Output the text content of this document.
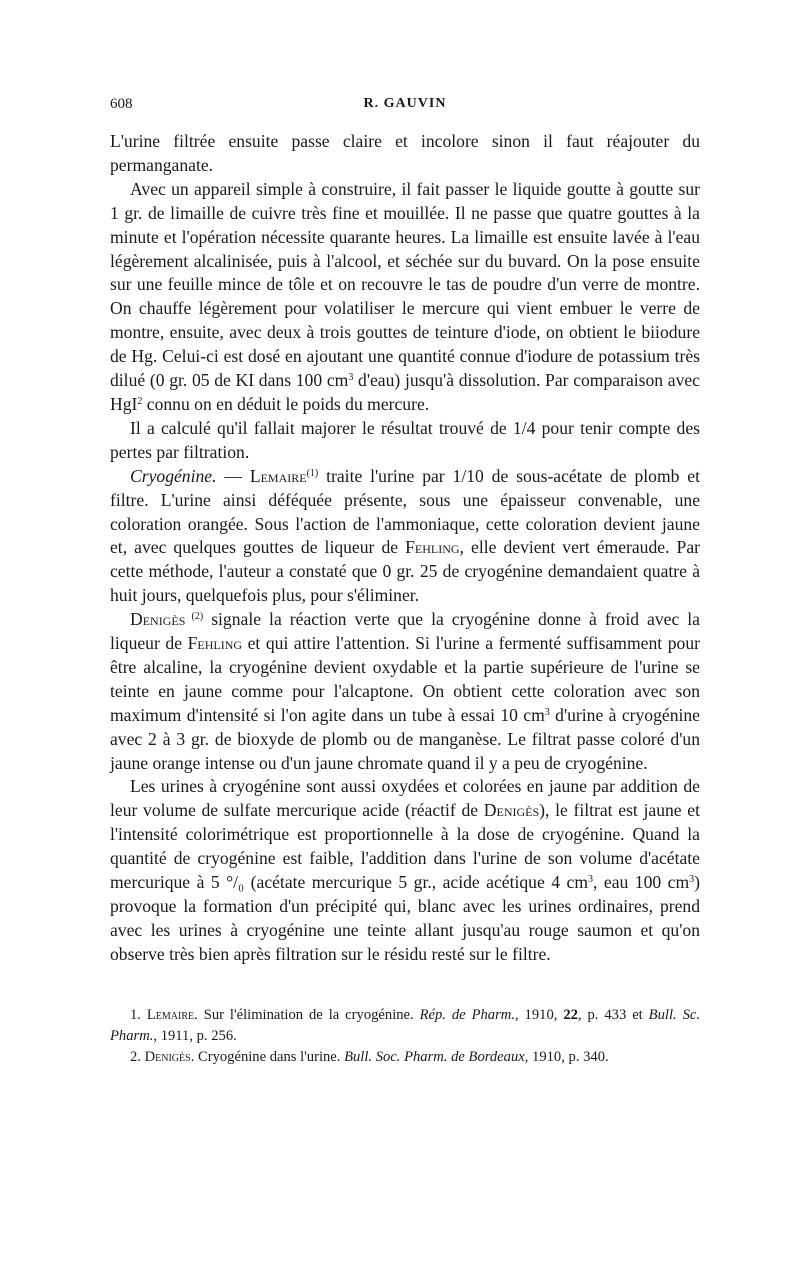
608	R. GAUVIN

L'urine filtrée ensuite passe claire et incolore sinon il faut réajouter du permanganate.

Avec un appareil simple à construire, il fait passer le liquide goutte à goutte sur 1 gr. de limaille de cuivre très fine et mouillée. Il ne passe que quatre gouttes à la minute et l'opération nécessite quarante heures. La limaille est ensuite lavée à l'eau légèrement alcalinisée, puis à l'alcool, et séchée sur du buvard. On la pose ensuite sur une feuille mince de tôle et on recouvre le tas de poudre d'un verre de montre. On chauffe légèrement pour volatiliser le mercure qui vient embuer le verre de montre, ensuite, avec deux à trois gouttes de teinture d'iode, on obtient le biiodure de Hg. Celui-ci est dosé en ajoutant une quantité connue d'iodure de potassium très dilué (0 gr. 05 de KI dans 100 $cm^3$ d'eau) jusqu'à dissolution. Par comparaison avec HgI$^2$ connu on en déduit le poids du mercure.

Il a calculé qu'il fallait majorer le résultat trouvé de 1/4 pour tenir compte des pertes par filtration.

Cryogénine. — Lemaire$^{(1)}$ traite l'urine par 1/10 de sous-acétate de plomb et filtre. L'urine ainsi déféquée présente, sous une épaisseur convenable, une coloration orangée. Sous l'action de l'ammoniaque, cette coloration devient jaune et, avec quelques gouttes de liqueur de Fehling, elle devient vert émeraude. Par cette méthode, l'auteur a constaté que 0 gr. 25 de cryogénine demandaient quatre à huit jours, quelquefois plus, pour s'éliminer.

Denigès $^{(2)}$ signale la réaction verte que la cryogénine donne à froid avec la liqueur de Fehling et qui attire l'attention. Si l'urine a fermenté suffisamment pour être alcaline, la cryogénine devient oxydable et la partie supérieure de l'urine se teinte en jaune comme pour l'alcaptone. On obtient cette coloration avec son maximum d'intensité si l'on agite dans un tube à essai 10 $cm^3$ d'urine à cryogénine avec 2 à 3 gr. de bioxyde de plomb ou de manganèse. Le filtrat passe coloré d'un jaune orange intense ou d'un jaune chromate quand il y a peu de cryogénine.

Les urines à cryogénine sont aussi oxydées et colorées en jaune par addition de leur volume de sulfate mercurique acide (réactif de Denigès), le filtrat est jaune et l'intensité colorimétrique est proportionnelle à la dose de cryogénine. Quand la quantité de cryogénine est faible, l'addition dans l'urine de son volume d'acétate mercurique à 5 °/₀ (acétate mercurique 5 gr., acide acétique 4 $cm^3$, eau 100 $cm^3$) provoque la formation d'un précipité qui, blanc avec les urines ordinaires, prend avec les urines à cryogénine une teinte allant jusqu'au rouge saumon et qu'on observe très bien après filtration sur le résidu resté sur le filtre.

1. Lemaire. Sur l'élimination de la cryogénine. Rép. de Pharm., 1910, 22, p. 433 et Bull. Sc. Pharm., 1911, p. 256.

2. Denigès. Cryogénine dans l'urine. Bull. Soc. Pharm. de Bordeaux, 1910, p. 340.
